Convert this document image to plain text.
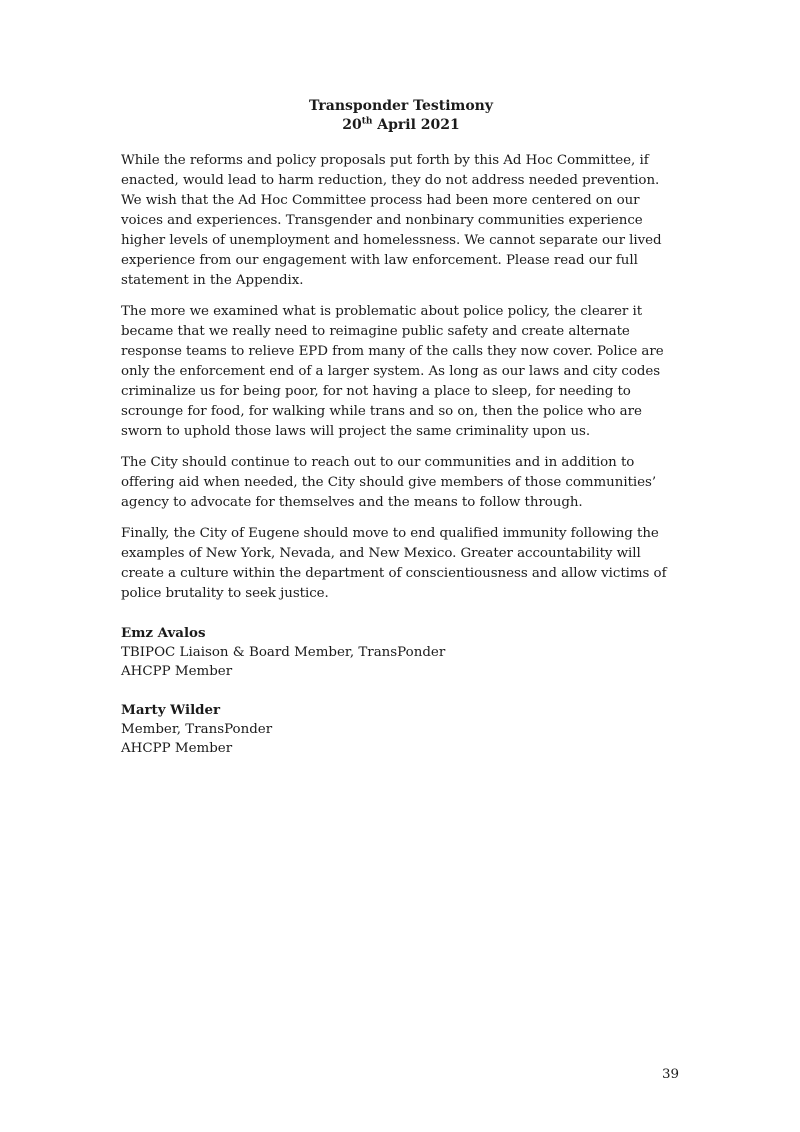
Transponder Testimony
20th April 2021

While the reforms and policy proposals put forth by this Ad Hoc Committee, if enacted, would lead to harm reduction, they do not address needed prevention. We wish that the Ad Hoc Committee process had been more centered on our voices and experiences. Transgender and nonbinary communities experience higher levels of unemployment and homelessness. We cannot separate our lived experience from our engagement with law enforcement. Please read our full statement in the Appendix.

The more we examined what is problematic about police policy, the clearer it became that we really need to reimagine public safety and create alternate response teams to relieve EPD from many of the calls they now cover. Police are only the enforcement end of a larger system. As long as our laws and city codes criminalize us for being poor, for not having a place to sleep, for needing to scrounge for food, for walking while trans and so on, then the police who are sworn to uphold those laws will project the same criminality upon us.

The City should continue to reach out to our communities and in addition to offering aid when needed, the City should give members of those communities’ agency to advocate for themselves and the means to follow through.

Finally, the City of Eugene should move to end qualified immunity following the examples of New York, Nevada, and New Mexico. Greater accountability will create a culture within the department of conscientiousness and allow victims of police brutality to seek justice.

Emz Avalos
TBIPOC Liaison & Board Member, TransPonder
AHCPP Member
Marty Wilder
Member, TransPonder
AHCPP Member
39
